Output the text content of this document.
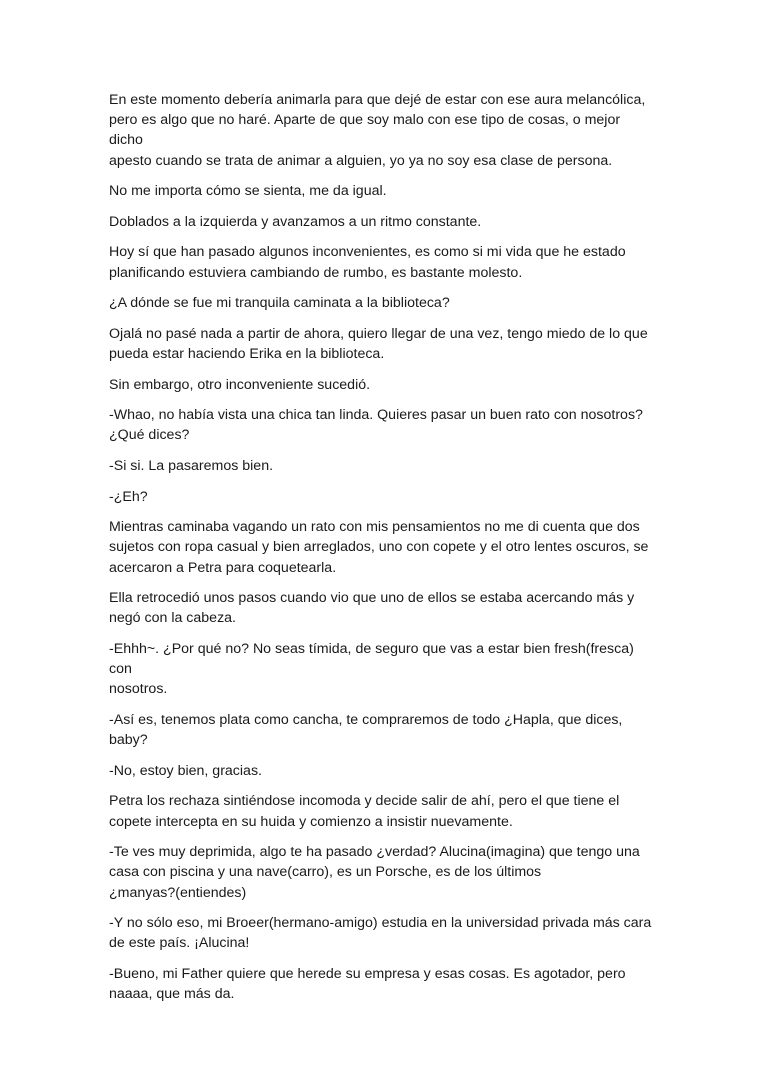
En este momento debería animarla para que dejé de estar con ese aura melancólica,
pero es algo que no haré. Aparte de que soy malo con ese tipo de cosas, o mejor dicho
apesto cuando se trata de animar a alguien, yo ya no soy esa clase de persona.

No me importa cómo se sienta, me da igual.

Doblados a la izquierda y avanzamos a un ritmo constante.

Hoy sí que han pasado algunos inconvenientes, es como si mi vida que he estado
planificando estuviera cambiando de rumbo, es bastante molesto.

¿A dónde se fue mi tranquila caminata a la biblioteca?

Ojalá no pasé nada a partir de ahora, quiero llegar de una vez, tengo miedo de lo que
pueda estar haciendo Erika en la biblioteca.

Sin embargo, otro inconveniente sucedió.

-Whao, no había vista una chica tan linda. Quieres pasar un buen rato con nosotros?
¿Qué dices?

-Si si. La pasaremos bien.

-¿Eh?

Mientras caminaba vagando un rato con mis pensamientos no me di cuenta que dos
sujetos con ropa casual y bien arreglados, uno con copete y el otro lentes oscuros, se
acercaron a Petra para coquetearla.

Ella retrocedió unos pasos cuando vio que uno de ellos se estaba acercando más y
negó con la cabeza.

-Ehhh~. ¿Por qué no? No seas tímida, de seguro que vas a estar bien fresh(fresca) con
nosotros.

-Así es, tenemos plata como cancha, te compraremos de todo ¿Hapla, que dices, baby?

-No, estoy bien, gracias.

Petra los rechaza sintiéndose incomoda y decide salir de ahí, pero el que tiene el
copete intercepta en su huida y comienzo a insistir nuevamente.

-Te ves muy deprimida, algo te ha pasado ¿verdad? Alucina(imagina) que tengo una
casa con piscina y una nave(carro), es un Porsche, es de los últimos
¿manyas?(entiendes)

-Y no sólo eso, mi Broeer(hermano-amigo) estudia en la universidad privada más cara
de este país. ¡Alucina!

-Bueno, mi Father quiere que herede su empresa y esas cosas. Es agotador, pero
naaaa, que más da.
